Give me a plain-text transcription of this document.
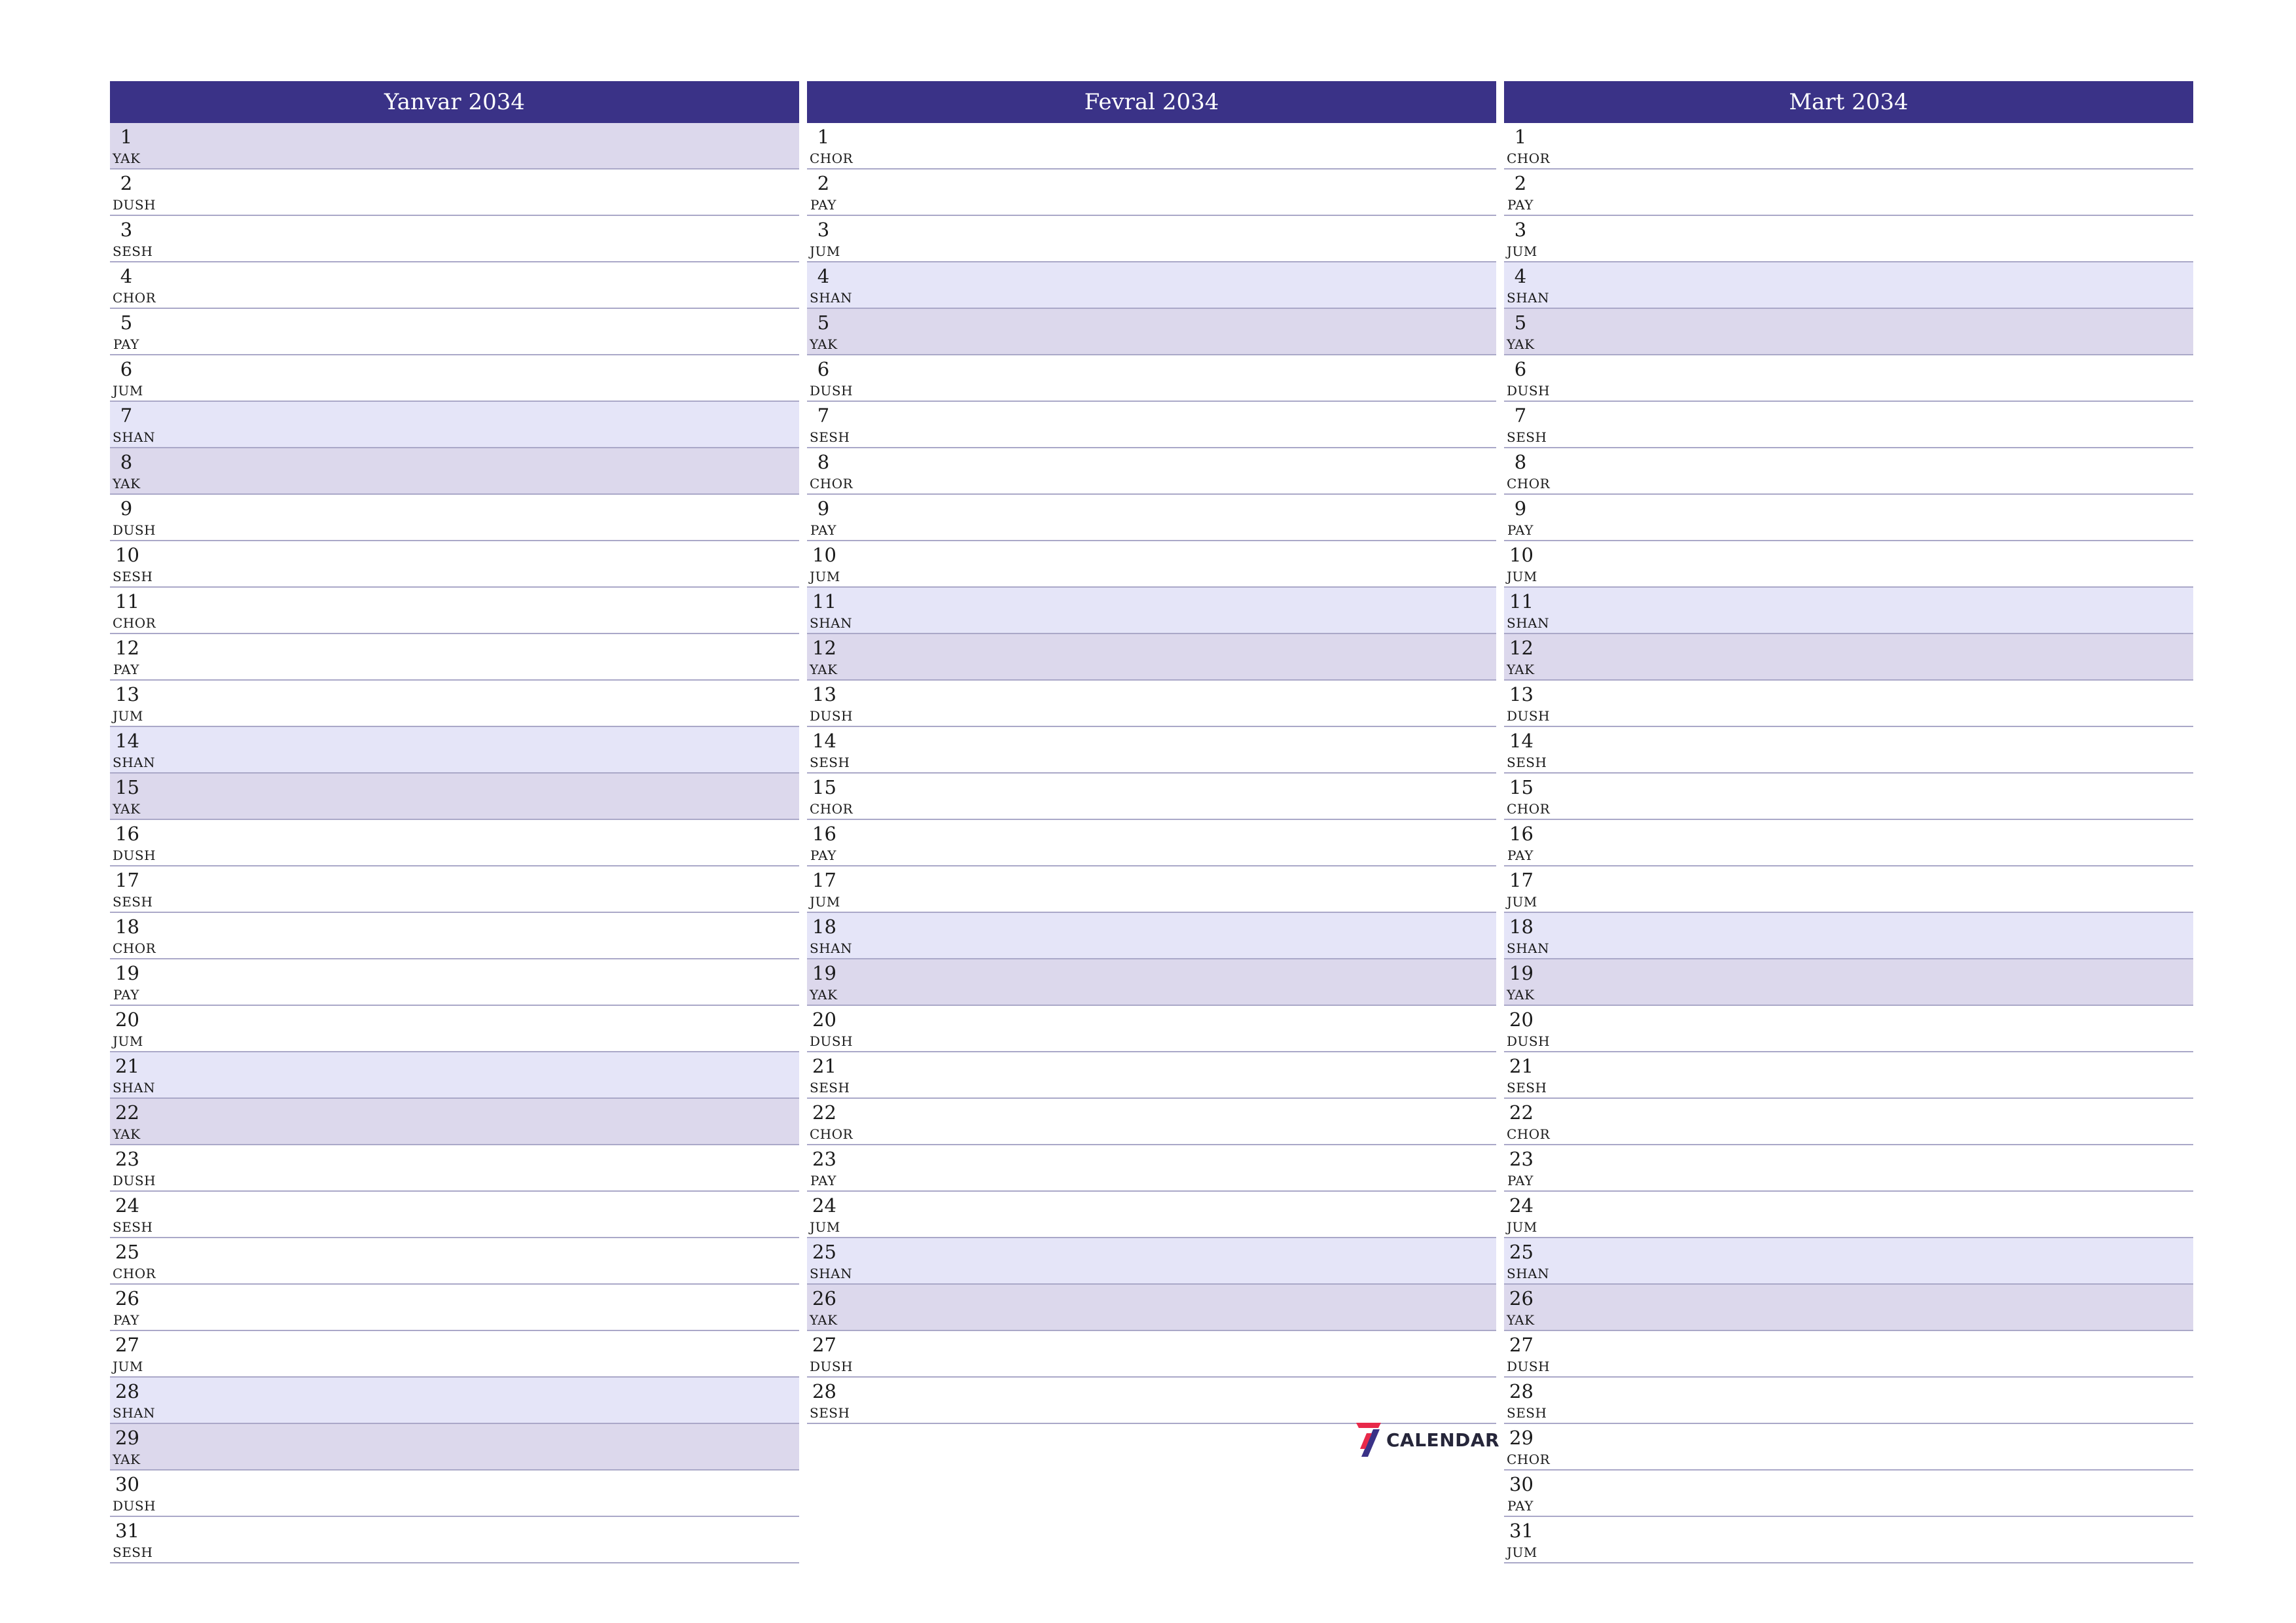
Yanvar 2034
1
YAK
2
DUSH
3
SESH
4
CHOR
5
PAY
6
JUM
7
SHAN
8
YAK
9
DUSH
10
SESH
11
CHOR
12
PAY
13
JUM
14
SHAN
15
YAK
16
DUSH
17
SESH
18
CHOR
19
PAY
20
JUM
21
SHAN
22
YAK
23
DUSH
24
SESH
25
CHOR
26
PAY
27
JUM
28
SHAN
29
YAK
30
DUSH
31
SESH
Fevral 2034
1
CHOR
2
PAY
3
JUM
4
SHAN
5
YAK
6
DUSH
7
SESH
8
CHOR
9
PAY
10
JUM
11
SHAN
12
YAK
13
DUSH
14
SESH
15
CHOR
16
PAY
17
JUM
18
SHAN
19
YAK
20
DUSH
21
SESH
22
CHOR
23
PAY
24
JUM
25
SHAN
26
YAK
27
DUSH
28
SESH
Mart 2034
1
CHOR
2
PAY
3
JUM
4
SHAN
5
YAK
6
DUSH
7
SESH
8
CHOR
9
PAY
10
JUM
11
SHAN
12
YAK
13
DUSH
14
SESH
15
CHOR
16
PAY
17
JUM
18
SHAN
19
YAK
20
DUSH
21
SESH
22
CHOR
23
PAY
24
JUM
25
SHAN
26
YAK
27
DUSH
28
SESH
29
CHOR
30
PAY
31
JUM
CALENDAR
